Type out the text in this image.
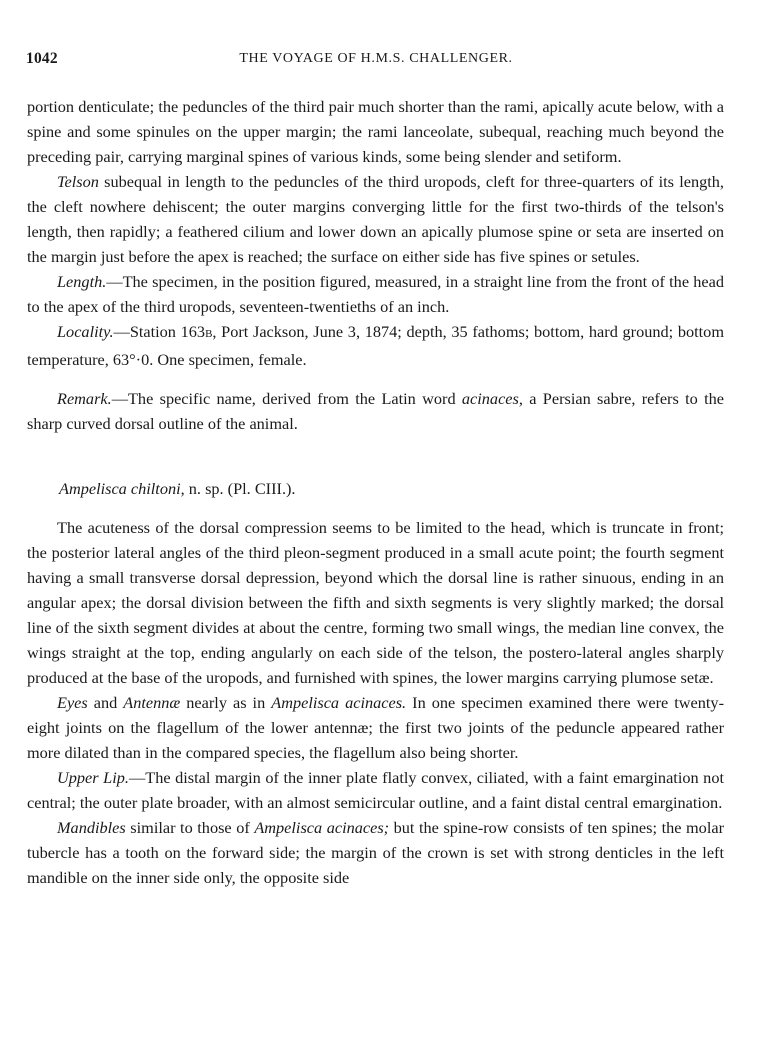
1042	THE VOYAGE OF H.M.S. CHALLENGER.

portion denticulate; the peduncles of the third pair much shorter than the rami, apically acute below, with a spine and some spinules on the upper margin; the rami lanceolate, subequal, reaching much beyond the preceding pair, carrying marginal spines of various kinds, some being slender and setiform.

Telson subequal in length to the peduncles of the third uropods, cleft for three-quarters of its length, the cleft nowhere dehiscent; the outer margins converging little for the first two-thirds of the telson's length, then rapidly; a feathered cilium and lower down an apically plumose spine or seta are inserted on the margin just before the apex is reached; the surface on either side has five spines or setules.

Length.—The specimen, in the position figured, measured, in a straight line from the front of the head to the apex of the third uropods, seventeen-twentieths of an inch.

Locality.—Station 163B, Port Jackson, June 3, 1874; depth, 35 fathoms; bottom, hard ground; bottom temperature, 63°·0. One specimen, female.

Remark.—The specific name, derived from the Latin word acinaces, a Persian sabre, refers to the sharp curved dorsal outline of the animal.

Ampelisca chiltoni, n. sp. (Pl. CIII.).

The acuteness of the dorsal compression seems to be limited to the head, which is truncate in front; the posterior lateral angles of the third pleon-segment produced in a small acute point; the fourth segment having a small transverse dorsal depression, beyond which the dorsal line is rather sinuous, ending in an angular apex; the dorsal division between the fifth and sixth segments is very slightly marked; the dorsal line of the sixth segment divides at about the centre, forming two small wings, the median line convex, the wings straight at the top, ending angularly on each side of the telson, the postero-lateral angles sharply produced at the base of the uropods, and furnished with spines, the lower margins carrying plumose setæ.

Eyes and Antennæ nearly as in Ampelisca acinaces. In one specimen examined there were twenty-eight joints on the flagellum of the lower antennæ; the first two joints of the peduncle appeared rather more dilated than in the compared species, the flagellum also being shorter.

Upper Lip.—The distal margin of the inner plate flatly convex, ciliated, with a faint emargination not central; the outer plate broader, with an almost semicircular outline, and a faint distal central emargination.

Mandibles similar to those of Ampelisca acinaces; but the spine-row consists of ten spines; the molar tubercle has a tooth on the forward side; the margin of the crown is set with strong denticles in the left mandible on the inner side only, the opposite side
